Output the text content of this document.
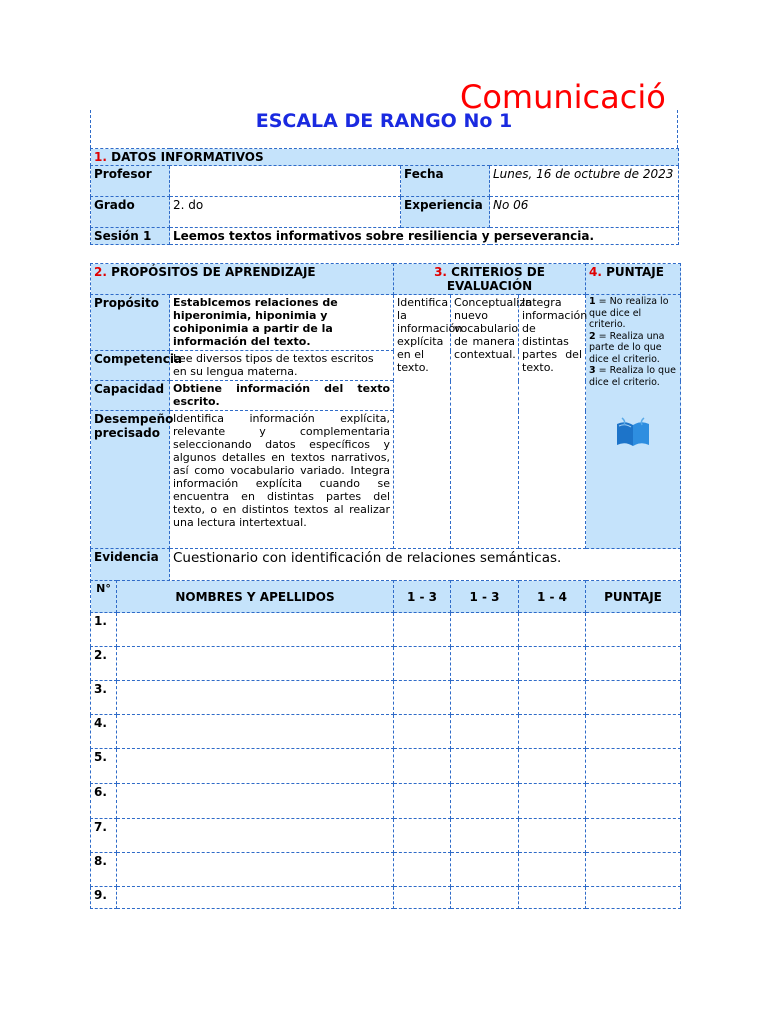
Comunicació
ESCALA DE RANGO No 1
1. DATOS INFORMATIVOS			
Profesor		Fecha	Lunes, 16 de octubre de 2023
Grado	2. do	Experiencia	No 06
Sesión 1	Leemos textos informativos sobre resiliencia y perseverancia.		
2. PROPÓSITOS DE APRENDIZAJE		3. CRITERIOS DE EVALUACIÓN			4. PUNTAJE
Propósito	Establcemos relaciones de hiperonimia, hiponimia y cohiponimia a partir de la información del texto.	Identifica la información explícita en el texto.	Conceptualiza nuevo vocabulario de manera contextual.	Integra información de distintas partes del texto.	1 = No realiza lo que dice el criterio.
2 = Realiza una parte de lo que dice el criterio.
3 = Realiza lo que dice el criterio.

Competencia	Lee diversos tipos de textos escritos en su lengua materna.				
Capacidad	Obtiene información del texto escrito.				
Desempeño precisado	Identifica información explícita, relevante y complementaria seleccionando datos específicos y algunos detalles en textos narrativos, así como vocabulario variado. Integra información explícita cuando se encuentra en distintas partes del texto, o en distintos textos al realizar una lectura intertextual.				
Evidencia	Cuestionario con identificación de relaciones semánticas.				
N°	NOMBRES Y APELLIDOS	1 - 3	1 - 3	1 - 4	PUNTAJE
1.					
2.					
3.					
4.					
5.					
6.					
7.					
8.					
9.					
